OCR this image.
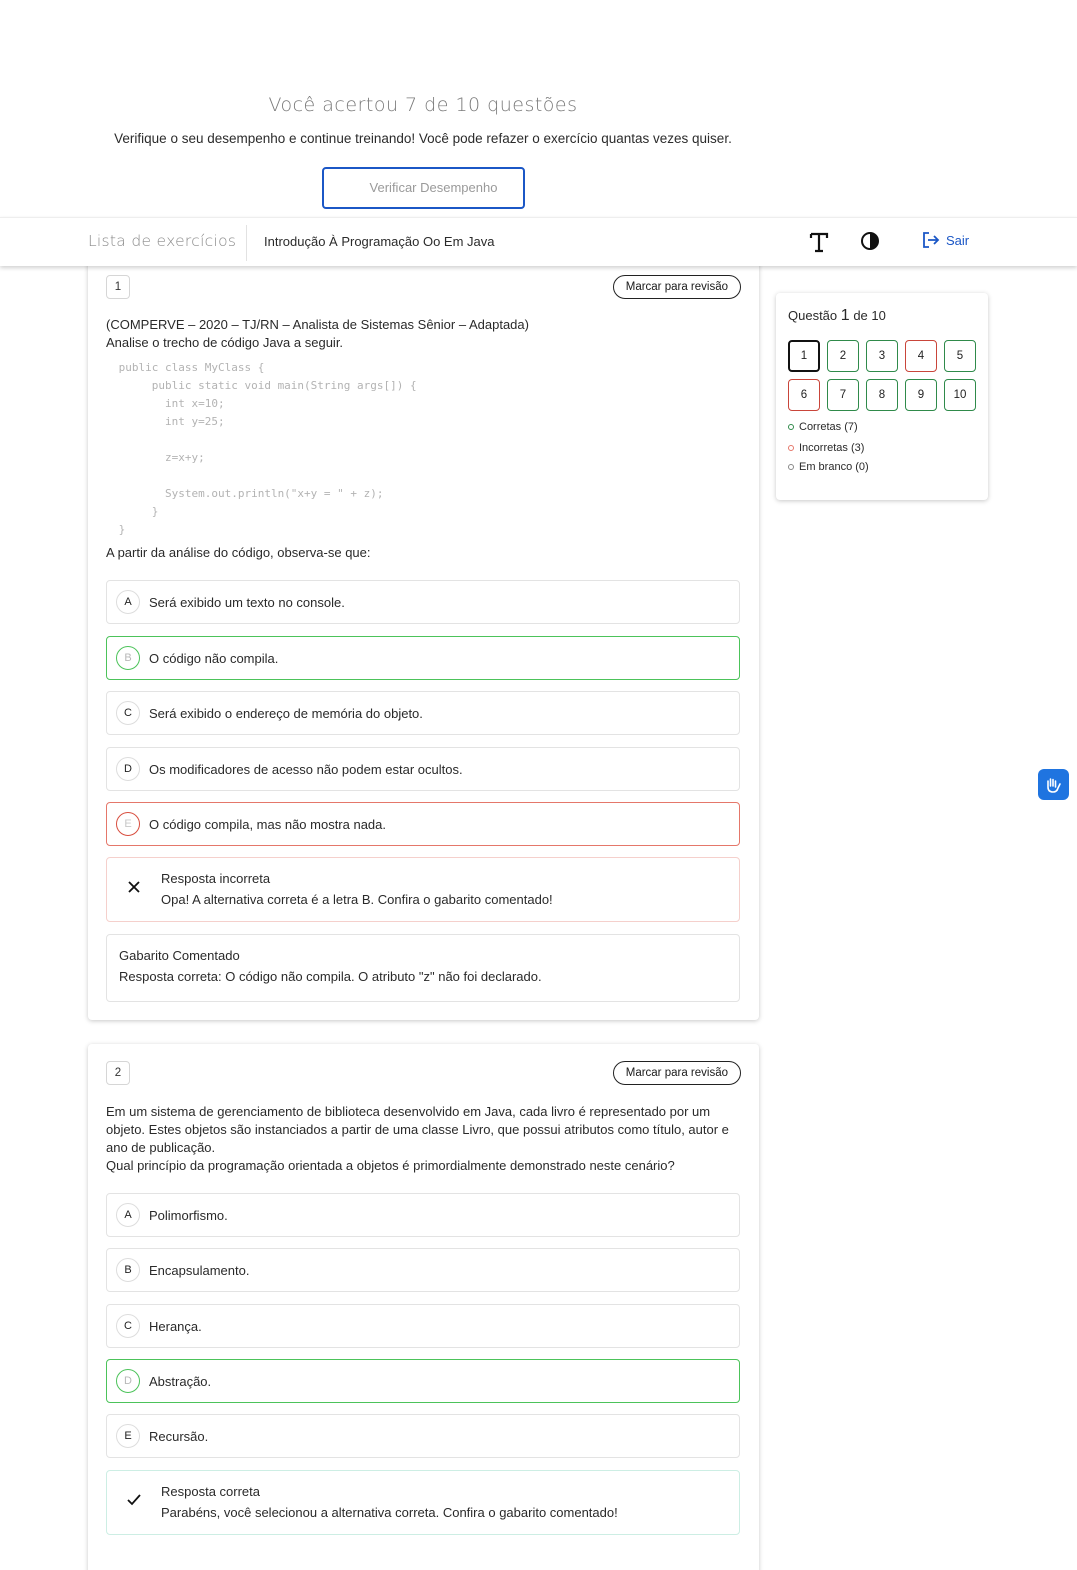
Você acertou 7 de 10 questões
Verifique o seu desempenho e continue treinando! Você pode refazer o exercício quantas vezes quiser.
Verificar Desempenho
Lista de exercícios Introdução À Programação Oo Em Java	Sair
1	Marcar para revisão
(COMPERVE – 2020 – TJ/RN – Analista de Sistemas Sênior – Adaptada)
Analise o trecho de código Java a seguir.
public class MyClass {
public static void main(String args[]) {
int x=10;
int y=25;

z=x+y;

System.out.println("x+y = " + z);
}
}
A partir da análise do código, observa-se que:
A	Será exibido um texto no console.
B	O código não compila.
C	Será exibido o endereço de memória do objeto.
D	Os modificadores de acesso não podem estar ocultos.
E	O código compila, mas não mostra nada.
Resposta incorreta
Opa! A alternativa correta é a letra B. Confira o gabarito comentado!
Gabarito Comentado
Resposta correta: O código não compila. O atributo "z" não foi declarado.
2	Marcar para revisão
Em um sistema de gerenciamento de biblioteca desenvolvido em Java, cada livro é representado por um
objeto. Estes objetos são instanciados a partir de uma classe Livro, que possui atributos como título, autor e
ano de publicação.
Qual princípio da programação orientada a objetos é primordialmente demonstrado neste cenário?
A	Polimorfismo.
B	Encapsulamento.
C	Herança.
D	Abstração.
E	Recursão.
Resposta correta
Parabéns, você selecionou a alternativa correta. Confira o gabarito comentado!
Questão 1 de 10
1	2	3	4	5
6	7	8	9	10
Corretas (7)
Incorretas (3)
Em branco (0)
